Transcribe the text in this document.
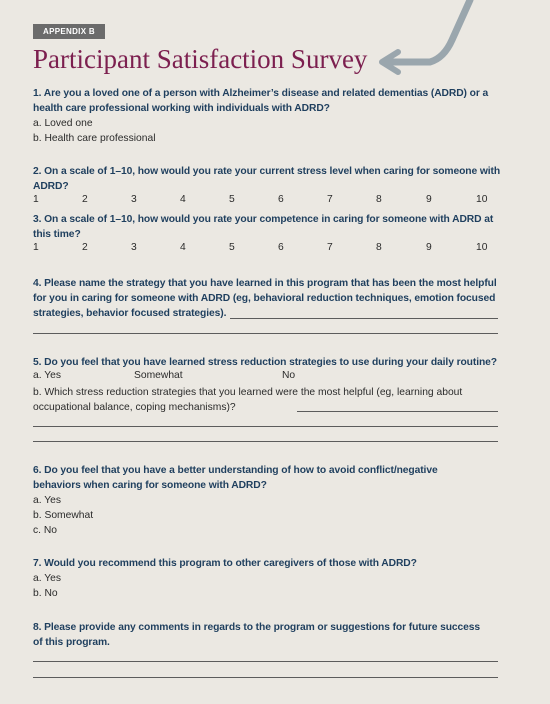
APPENDIX B
Participant Satisfaction Survey
1. Are you a loved one of a person with Alzheimer’s disease and related dementias (ADRD) or a health care professional working with individuals with ADRD?
a. Loved one
b. Health care professional
2. On a scale of 1–10, how would you rate your current stress level when caring for someone with ADRD?
1	2	3	4	5	6	7	8	9	10
3. On a scale of 1–10, how would you rate your competence in caring for someone with ADRD at this time?
1	2	3	4	5	6	7	8	9	10
4. Please name the strategy that you have learned in this program that has been the most helpful for you in caring for someone with ADRD (eg, behavioral reduction techniques, emotion focused strategies, behavior focused strategies).
5. Do you feel that you have learned stress reduction strategies to use during your daily routine?
a. Yes	Somewhat	No
b. Which stress reduction strategies that you learned were the most helpful (eg, learning about occupational balance, coping mechanisms)?
6. Do you feel that you have a better understanding of how to avoid conflict/negative behaviors when caring for someone with ADRD?
a. Yes
b. Somewhat
c. No
7. Would you recommend this program to other caregivers of those with ADRD?
a. Yes
b. No
8. Please provide any comments in regards to the program or suggestions for future success of this program.
